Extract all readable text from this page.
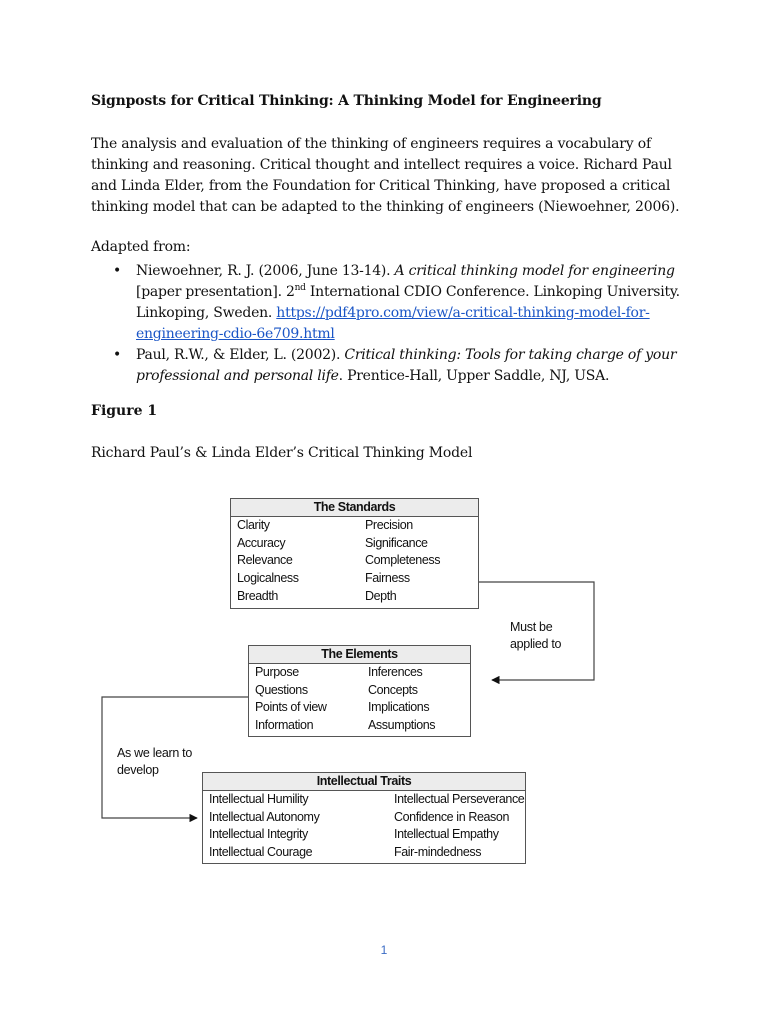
Signposts for Critical Thinking: A Thinking Model for Engineering
The analysis and evaluation of the thinking of engineers requires a vocabulary of thinking and reasoning. Critical thought and intellect requires a voice. Richard Paul and Linda Elder, from the Foundation for Critical Thinking, have proposed a critical thinking model that can be adapted to the thinking of engineers (Niewoehner, 2006).
Adapted from:
• Niewoehner, R. J. (2006, June 13-14). A critical thinking model for engineering [paper presentation]. 2nd International CDIO Conference. Linkoping University. Linkoping, Sweden. https://pdf4pro.com/view/a-critical-thinking-model-for-engineering-cdio-6e709.html
• Paul, R.W., & Elder, L. (2002). Critical thinking: Tools for taking charge of your professional and personal life. Prentice-Hall, Upper Saddle, NJ, USA.
Figure 1
Richard Paul’s & Linda Elder’s Critical Thinking Model
The Standards
Clarity	Precision
Accuracy	Significance
Relevance	Completeness
Logicalness	Fairness
Breadth	Depth
The Elements
Purpose	Inferences
Questions	Concepts
Points of view	Implications
Information	Assumptions
Intellectual Traits
Intellectual Humility	Intellectual Perseverance
Intellectual Autonomy	Confidence in Reason
Intellectual Integrity	Intellectual Empathy
Intellectual Courage	Fair-mindedness
Must be
applied to
As we learn to
develop
1
